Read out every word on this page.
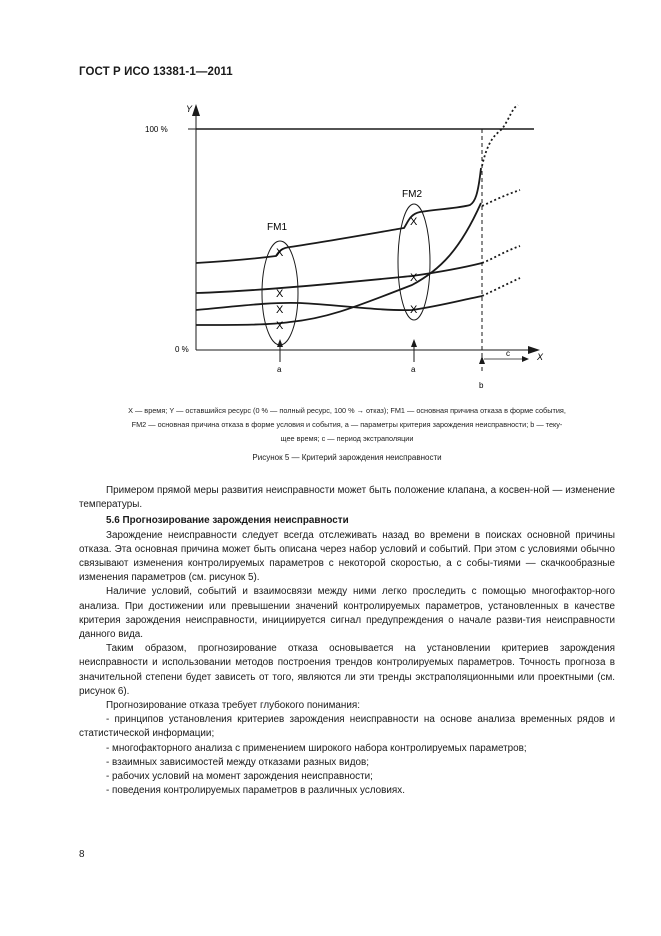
ГОСТ Р ИСО 13381-1—2011
Y
X
100 %
0 %
FM1
X
X
X
X
FM2
X
X
X
a	a
b
c
X — время; Y — оставшийся ресурс (0 % — полный ресурс, 100 % → отказ); FM1 — основная причина отказа в форме события,
FM2 — основная причина отказа в форме условия и события, а — параметры критерия зарождения неисправности; b — теку-
щее время; с — период экстраполяции
Рисунок 5 — Критерий зарождения неисправности

Примером прямой меры развития неисправности может быть положение клапана, а косвен-ной — изменение температуры.

5.6 Прогнозирование зарождения неисправности

Зарождение неисправности следует всегда отслеживать назад во времени в поисках основной причины отказа. Эта основная причина может быть описана через набор условий и событий. При этом с условиями обычно связывают изменения контролируемых параметров с некоторой скоростью, а с собы-тиями — скачкообразные изменения параметров (см. рисунок 5).

Наличие условий, событий и взаимосвязи между ними легко проследить с помощью многофактор-ного анализа. При достижении или превышении значений контролируемых параметров, установленных в качестве критерия зарождения неисправности, инициируется сигнал предупреждения о начале разви-тия неисправности данного вида.

Таким образом, прогнозирование отказа основывается на установлении критериев зарождения неисправности и использовании методов построения трендов контролируемых параметров. Точность прогноза в значительной степени будет зависеть от того, являются ли эти тренды экстраполяционными или проектными (см. рисунок 6).

Прогнозирование отказа требует глубокого понимания:

- принципов установления критериев зарождения неисправности на основе анализа временных рядов и статистической информации;
- многофакторного анализа с применением широкого набора контролируемых параметров;
- взаимных зависимостей между отказами разных видов;
- рабочих условий на момент зарождения неисправности;
- поведения контролируемых параметров в различных условиях.
8
